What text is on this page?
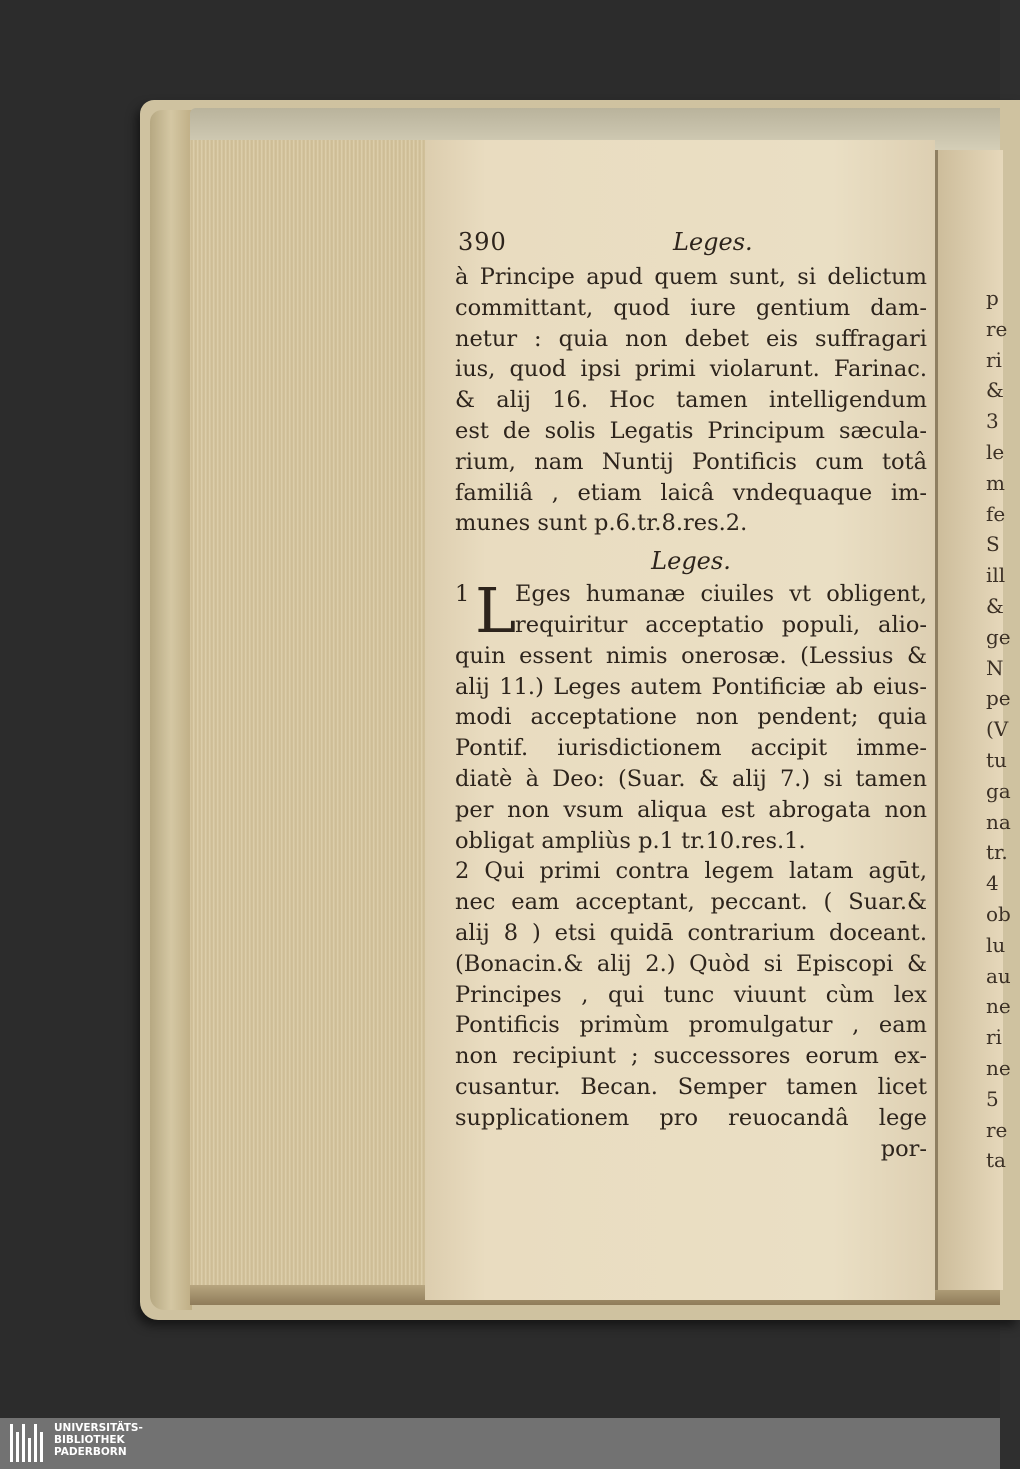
p
re
ri
&
3
le
m
fe
S
ill
&
ge
N
pe
(V
tu
ga
na
tr.
4
ob
lu
au
ne
ri
ne
5
re
ta
390	Leges.
à Principe apud quem sunt, si delictum
committant, quod iure gentium dam-
netur : quia non debet eis suffragari
ius, quod ipsi primi violarunt. Farinac.
& alij 16. Hoc tamen intelligendum
est de solis Legatis Principum sæcula-
rium, nam Nuntij Pontificis cum totâ
familiâ , etiam laicâ vndequaque im-
munes sunt p.6.tr.8.res.2.
Leges.
L
1	Eges humanæ ciuiles vt obligent,
requiritur acceptatio populi, alio-
quin essent nimis onerosæ. (Lessius &
alij 11.) Leges autem Pontificiæ ab eius-
modi acceptatione non pendent; quia
Pontif. iurisdictionem accipit imme-
diatè à Deo: (Suar. & alij 7.) si tamen
per non vsum aliqua est abrogata non
obligat ampliùs p.1 tr.10.res.1.
2 Qui primi contra legem latam agūt,
nec eam acceptant, peccant. ( Suar.&
alij 8 ) etsi quidā contrarium doceant.
(Bonacin.& alij 2.) Quòd si Episcopi &
Principes , qui tunc viuunt cùm lex
Pontificis primùm promulgatur , eam
non recipiunt ; successores eorum ex-
cusantur. Becan. Semper tamen licet
supplicationem pro reuocandâ lege
por-
UNIVERSITÄTS-
BIBLIOTHEK
PADERBORN
